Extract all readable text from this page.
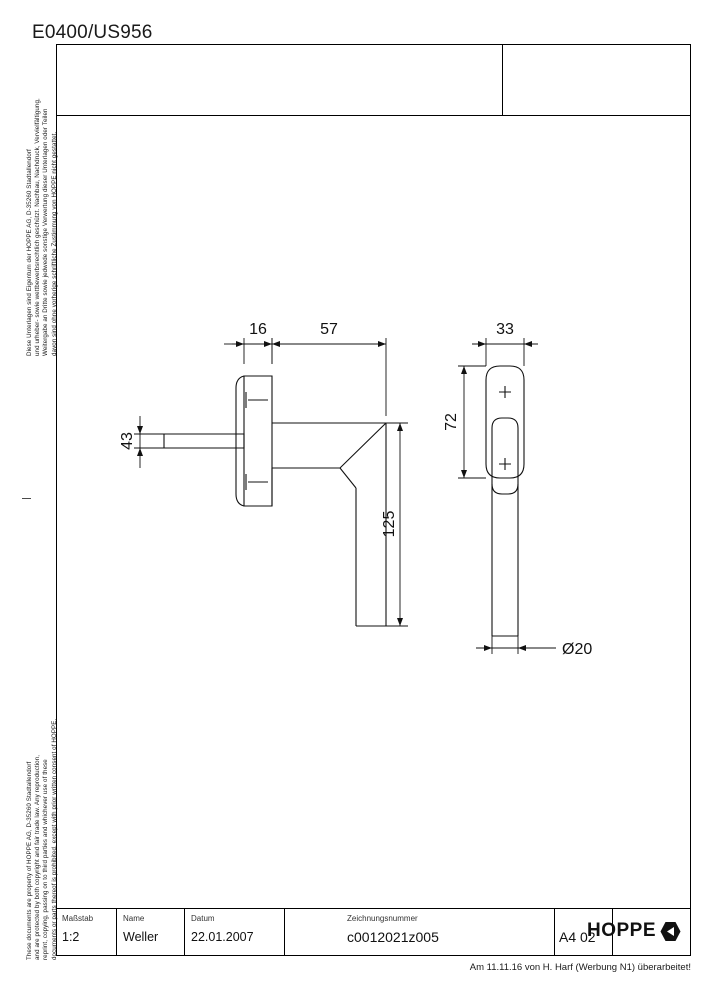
E0400/US956
Diese Unterlagen sind Eigentum der HOPPE AG, D-35260 Stadtallendorf und urheber- sowie wettbewerbsrechtlich geschützt. Nachbau, Nachdruck, Vervielfältigung, Weitergabe an Dritte sowie jedwede sonstige Verwertung dieser Unterlagen oder Teilen davon sind ohne vorherige schriftliche Zustimmung von HOPPE nicht gestattet.
These documents are property of HOPPE AG, D-35260 Stadtallendorf and are protected by both copyright and fair trade law. Any reproduction, reprint, copying, passing on to third parties and whichever use of these documents or parts thereof is prohibited, except with prior written consent of HOPPE.
16	57	33
43
125
72
Ø20
Maßstab
1:2
Name
Weller
Datum
22.01.2007
Zeichnungsnummer
c0012021z005	A4 02
HOPPE
Am 11.11.16 von H. Harf (Werbung N1) überarbeitet!
